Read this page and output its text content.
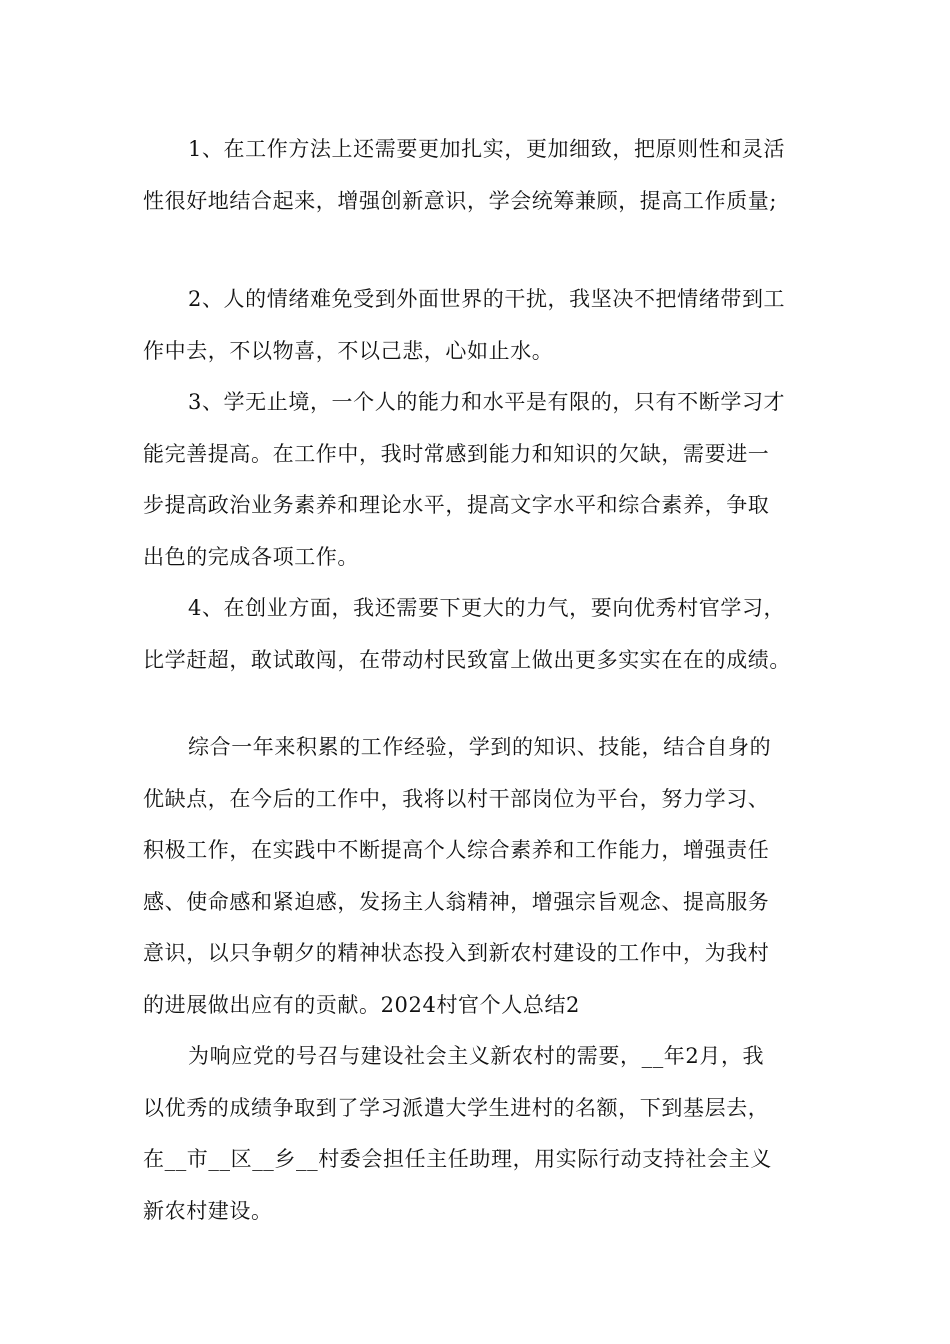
1、在工作方法上还需要更加扎实，更加细致，把原则性和灵活
性很好地结合起来，增强创新意识，学会统筹兼顾，提高工作质量;

2、人的情绪难免受到外面世界的干扰，我坚决不把情绪带到工
作中去，不以物喜，不以己悲，心如止水。

3、学无止境，一个人的能力和水平是有限的，只有不断学习才
能完善提高。在工作中，我时常感到能力和知识的欠缺，需要进一
步提高政治业务素养和理论水平，提高文字水平和综合素养，争取
出色的完成各项工作。

4、在创业方面，我还需要下更大的力气，要向优秀村官学习，
比学赶超，敢试敢闯，在带动村民致富上做出更多实实在在的成绩。

综合一年来积累的工作经验，学到的知识、技能，结合自身的
优缺点，在今后的工作中，我将以村干部岗位为平台，努力学习、
积极工作，在实践中不断提高个人综合素养和工作能力，增强责任
感、使命感和紧迫感，发扬主人翁精神，增强宗旨观念、提高服务
意识，以只争朝夕的精神状态投入到新农村建设的工作中，为我村
的进展做出应有的贡献。2024村官个人总结2

为响应党的号召与建设社会主义新农村的需要，__年2月，我
以优秀的成绩争取到了学习派遣大学生进村的名额，下到基层去，
在__市__区__乡__村委会担任主任助理，用实际行动支持社会主义
新农村建设。
